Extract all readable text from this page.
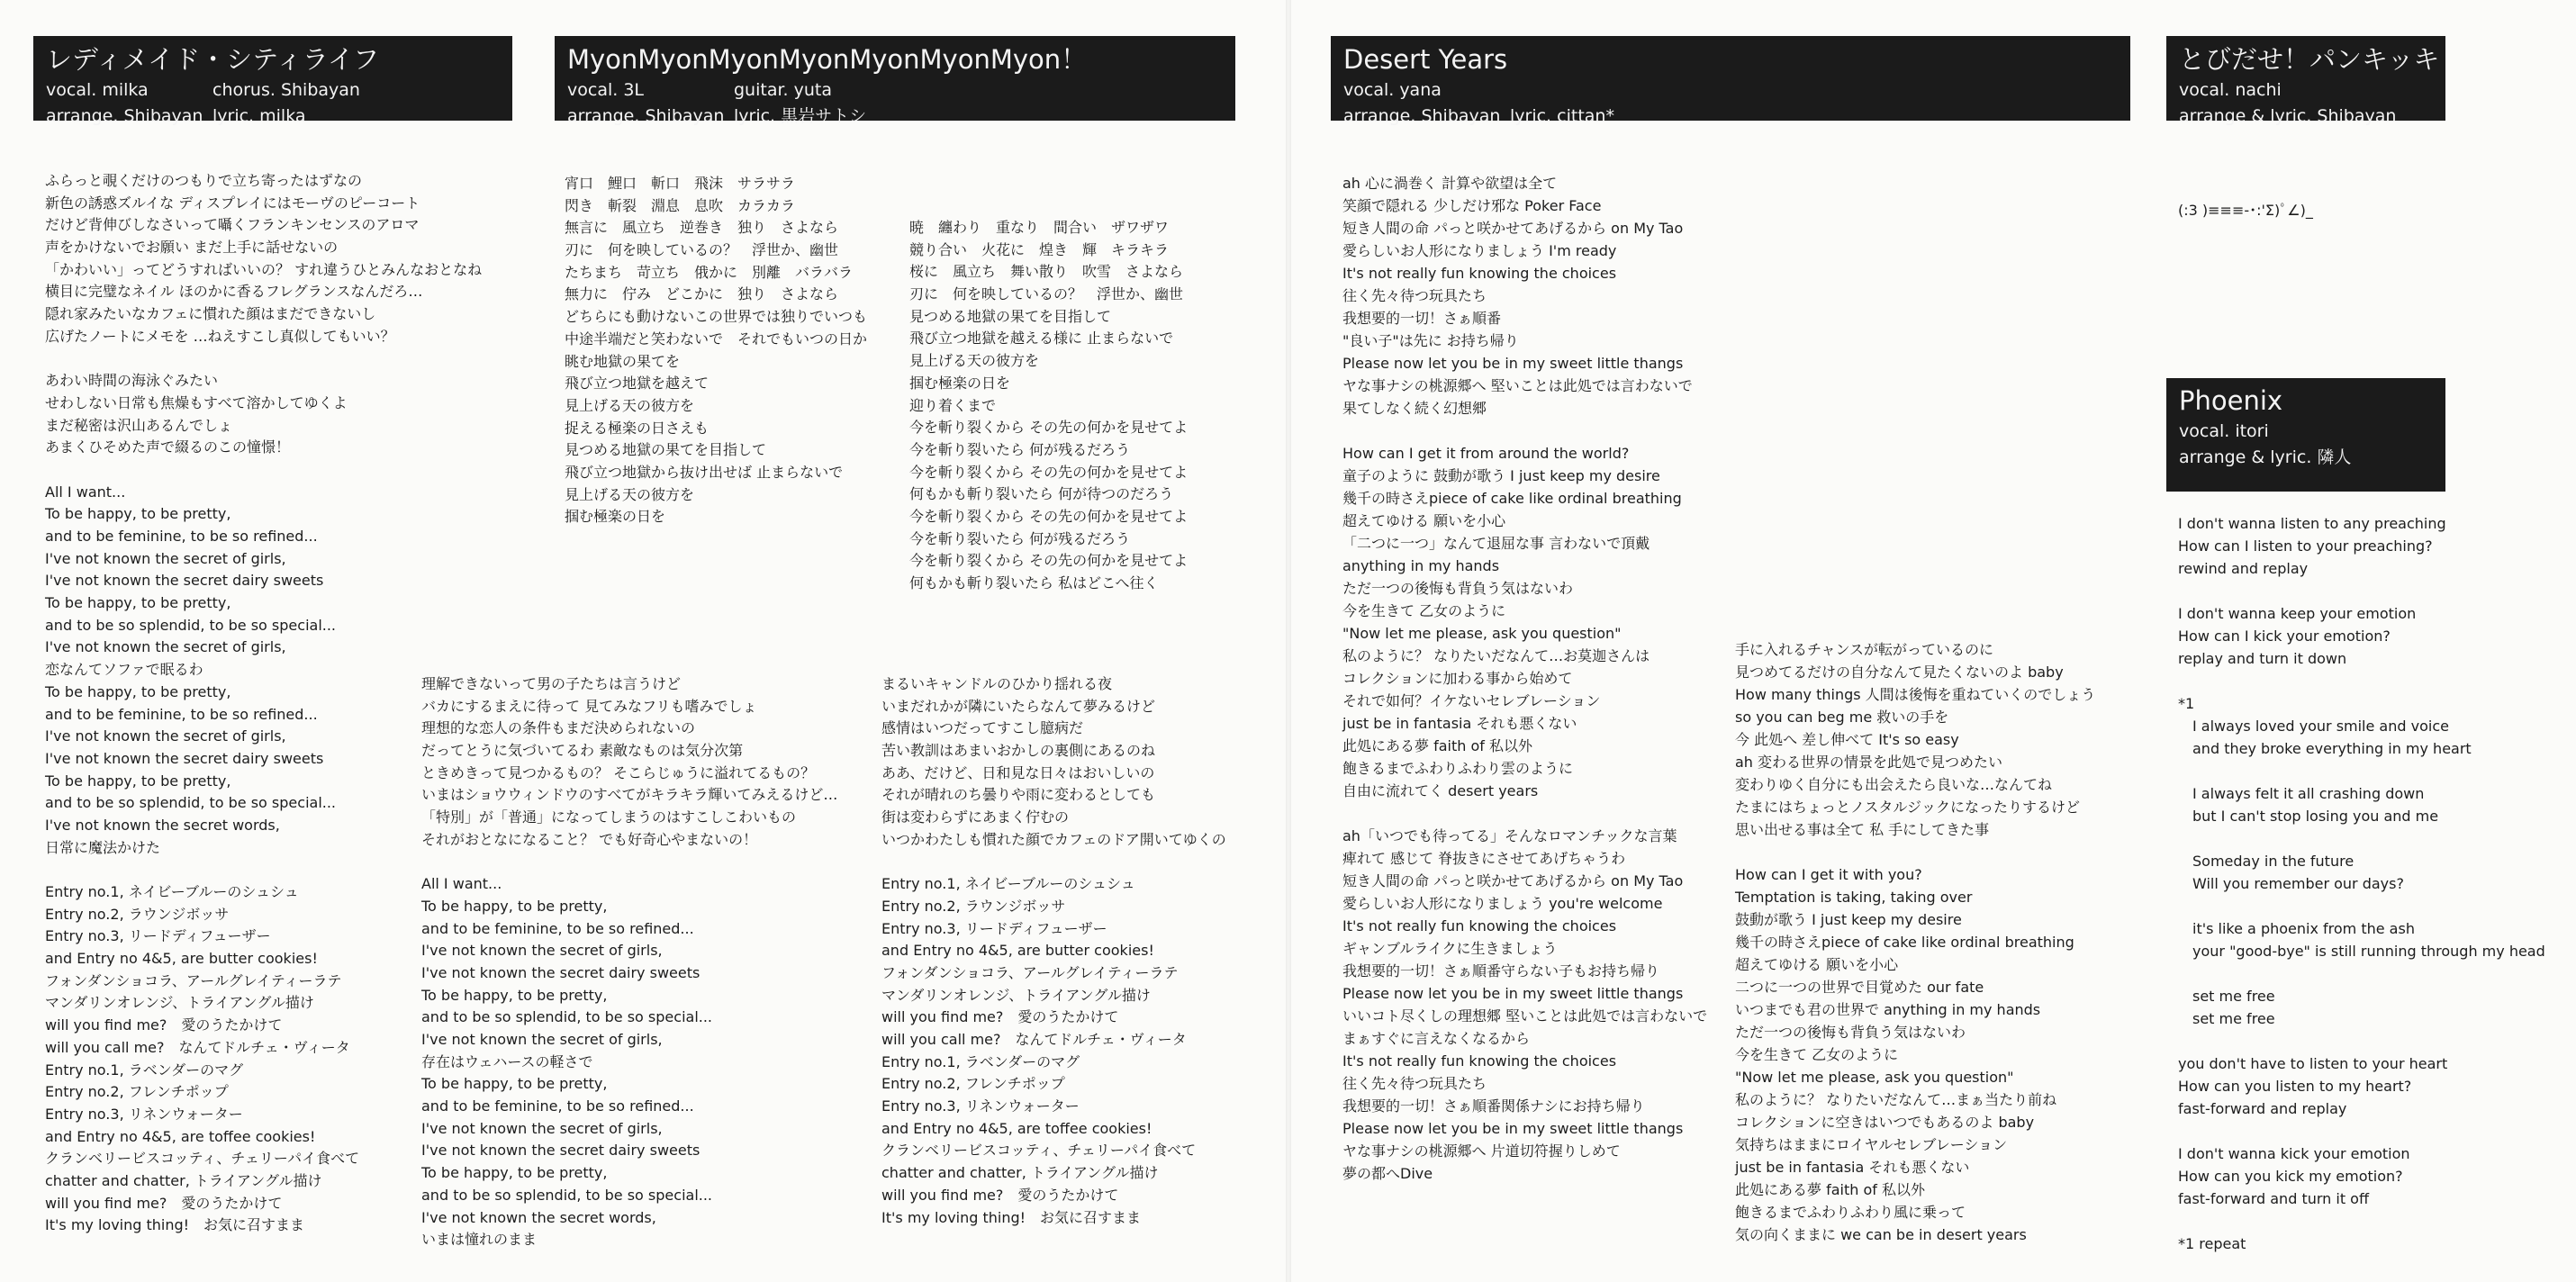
レディメイド・シティライフ
vocal. milka	chorus. Shibayan
arrange. Shibayan lyric. milka
MyonMyonMyonMyonMyonMyonMyon！
vocal. 3L	guitar. yuta
arrange. Shibayan lyric. 黒岩サトシ
Desert Years
vocal. yana
arrange. Shibayan lyric. cittan*
とびだせ！パンキッキ
vocal. nachi
arrange & lyric. Shibayan
Phoenix
vocal. itori
arrange & lyric. 隣人
ふらっと覗くだけのつもりで立ち寄ったはずなの
新色の誘惑ズルイな ディスプレイにはモーヴのピーコート
だけど背伸びしなさいって囁くフランキンセンスのアロマ
声をかけないでお願い まだ上手に話せないの
「かわいい」ってどうすればいいの？ すれ違うひとみんなおとなね
横目に完璧なネイル ほのかに香るフレグランスなんだろ…
隠れ家みたいなカフェに慣れた顔はまだできないし
広げたノートにメモを …ねえすこし真似してもいい？
あわい時間の海泳ぐみたい
せわしない日常も焦燥もすべて溶かしてゆくよ
まだ秘密は沢山あるんでしょ
あまくひそめた声で綴るのこの憧憬！
All I want...
To be happy, to be pretty,
and to be feminine, to be so refined...
I've not known the secret of girls,
I've not known the secret dairy sweets
To be happy, to be pretty,
and to be so splendid, to be so special...
I've not known the secret of girls,
恋なんてソファで眠るわ
To be happy, to be pretty,
and to be feminine, to be so refined...
I've not known the secret of girls,
I've not known the secret dairy sweets
To be happy, to be pretty,
and to be so splendid, to be so special...
I've not known the secret words,
日常に魔法かけた
Entry no.1, ネイビーブルーのシュシュ
Entry no.2, ラウンジボッサ
Entry no.3, リードディフューザー
and Entry no 4&5, are butter cookies!
フォンダンショコラ、アールグレイティーラテ
マンダリンオレンジ、トライアングル描け
will you find me?　愛のうたかけて
will you call me?　なんてドルチェ・ヴィータ
Entry no.1, ラベンダーのマグ
Entry no.2, フレンチポップ
Entry no.3, リネンウォーター
and Entry no 4&5, are toffee cookies!
クランベリービスコッティ、チェリーパイ食べて
chatter and chatter, トライアングル描け
will you find me?　愛のうたかけて
It's my loving thing!　お気に召すまま
理解できないって男の子たちは言うけど
バカにするまえに待って 見てみなフリも嗜みでしょ
理想的な恋人の条件もまだ決められないの
だってとうに気づいてるわ 素敵なものは気分次第
ときめきって見つかるもの？ そこらじゅうに溢れてるもの？
いまはショウウィンドウのすべてがキラキラ輝いてみえるけど…
「特別」が「普通」になってしまうのはすこしこわいもの
それがおとなになること？ でも好奇心やまないの！
All I want...
To be happy, to be pretty,
and to be feminine, to be so refined...
I've not known the secret of girls,
I've not known the secret dairy sweets
To be happy, to be pretty,
and to be so splendid, to be so special...
I've not known the secret of girls,
存在はウェハースの軽さで
To be happy, to be pretty,
and to be feminine, to be so refined...
I've not known the secret of girls,
I've not known the secret dairy sweets
To be happy, to be pretty,
and to be so splendid, to be so special...
I've not known the secret words,
いまは憧れのまま
まるいキャンドルのひかり揺れる夜
いまだれかが隣にいたらなんて夢みるけど
感情はいつだってすこし臆病だ
苦い教訓はあまいおかしの裏側にあるのね
ああ、だけど、日和見な日々はおいしいの
それが晴れのち曇りや雨に変わるとしても
街は変わらずにあまく佇むの
いつかわたしも慣れた顔でカフェのドア開いてゆくの
Entry no.1, ネイビーブルーのシュシュ
Entry no.2, ラウンジボッサ
Entry no.3, リードディフューザー
and Entry no 4&5, are butter cookies!
フォンダンショコラ、アールグレイティーラテ
マンダリンオレンジ、トライアングル描け
will you find me?　愛のうたかけて
will you call me?　なんてドルチェ・ヴィータ
Entry no.1, ラベンダーのマグ
Entry no.2, フレンチポップ
Entry no.3, リネンウォーター
and Entry no 4&5, are toffee cookies!
クランベリービスコッティ、チェリーパイ食べて
chatter and chatter, トライアングル描け
will you find me?　愛のうたかけて
It's my loving thing!　お気に召すまま
宵口　鯉口　斬口　飛沫　サラサラ
閃き　斬裂　淵息　息吹　カラカラ
無言に　風立ち　逆巻き　独り　さよなら
刃に　何を映しているの？　浮世か、幽世
たちまち　苛立ち　俄かに　別離　バラバラ
無力に　佇み　どこかに　独り　さよなら
どちらにも動けないこの世界では独りでいつも
中途半端だと笑わないで　それでもいつの日か
眺む地獄の果てを
飛び立つ地獄を越えて
見上げる天の彼方を
捉える極楽の日さえも
見つめる地獄の果てを目指して
飛び立つ地獄から抜け出せば 止まらないで
見上げる天の彼方を
掴む極楽の日を
暁　纏わり　重なり　間合い　ザワザワ
競り合い　火花に　煌き　輝　キラキラ
桜に　風立ち　舞い散り　吹雪　さよなら
刃に　何を映しているの？　浮世か、幽世
見つめる地獄の果てを目指して
飛び立つ地獄を越える様に 止まらないで
見上げる天の彼方を
掴む極楽の日を
迎り着くまで
今を斬り裂くから その先の何かを見せてよ
今を斬り裂いたら 何が残るだろう
今を斬り裂くから その先の何かを見せてよ
何もかも斬り裂いたら 何が待つのだろう
今を斬り裂くから その先の何かを見せてよ
今を斬り裂いたら 何が残るだろう
今を斬り裂くから その先の何かを見せてよ
何もかも斬り裂いたら 私はどこへ往く
ah 心に渦巻く 計算や欲望は全て
笑顔で隠れる 少しだけ邪な Poker Face
短き人間の命 パっと咲かせてあげるから on My Tao
愛らしいお人形になりましょう I'm ready
It's not really fun knowing the choices
往く先々待つ玩具たち
我想要的一切！さぁ順番
"良い子"は先に お持ち帰り
Please now let you be in my sweet little thangs
ヤな事ナシの桃源郷へ 堅いことは此処では言わないで
果てしなく続く幻想郷
How can I get it from around the world?
童子のように 鼓動が歌う I just keep my desire
幾千の時さえpiece of cake like ordinal breathing
超えてゆける 願いを小心
「二つに一つ」なんて退屈な事 言わないで頂戴
anything in my hands
ただ一つの後悔も背負う気はないわ
今を生きて 乙女のように
"Now let me please, ask you question"
私のように？ なりたいだなんて…お莫迦さんは
コレクションに加わる事から始めて
それで如何？イケないセレブレーション
just be in fantasia それも悪くない
此処にある夢 faith of 私以外
飽きるまでふわりふわり雲のように
自由に流れてく desert years
ah「いつでも待ってる」そんなロマンチックな言葉
痺れて 感じて 脊抜きにさせてあげちゃうわ
短き人間の命 パっと咲かせてあげるから on My Tao
愛らしいお人形になりましょう you're welcome
It's not really fun knowing the choices
ギャンブルライクに生きましょう
我想要的一切！さぁ順番守らない子もお持ち帰り
Please now let you be in my sweet little thangs
いいコト尽くしの理想郷 堅いことは此処では言わないで
まぁすぐに言えなくなるから
It's not really fun knowing the choices
往く先々待つ玩具たち
我想要的一切！さぁ順番関係ナシにお持ち帰り
Please now let you be in my sweet little thangs
ヤな事ナシの桃源郷へ 片道切符握りしめて
夢の都へDive
手に入れるチャンスが転がっているのに
見つめてるだけの自分なんて見たくないのよ baby
How many things 人間は後悔を重ねていくのでしょう
so you can beg me 救いの手を
今 此処へ 差し伸べて It's so easy
ah 変わる世界の情景を此処で見つめたい
変わりゆく自分にも出会えたら良いな…なんてね
たまにはちょっとノスタルジックになったりするけど
思い出せる事は全て 私 手にしてきた事
How can I get it with you?
Temptation is taking, taking over
鼓動が歌う I just keep my desire
幾千の時さえpiece of cake like ordinal breathing
超えてゆける 願いを小心
二つに一つの世界で目覚めた our fate
いつまでも君の世界で anything in my hands
ただ一つの後悔も背負う気はないわ
今を生きて 乙女のように
"Now let me please, ask you question"
私のように？ なりたいだなんて…まぁ当たり前ね
コレクションに空きはいつでもあるのよ baby
気持ちはままにロイヤルセレブレーション
just be in fantasia それも悪くない
此処にある夢 faith of 私以外
飽きるまでふわりふわり風に乗って
気の向くままに we can be in desert years
(:3 )≡≡≡-･:'Σ)ﾟ∠)_
I don't wanna listen to any preaching
How can I listen to your preaching?
rewind and replay
I don't wanna keep your emotion
How can I kick your emotion?
replay and turn it down
*1
　I always loved your smile and voice
　and they broke everything in my heart
　I always felt it all crashing down
　but I can't stop losing you and me
　Someday in the future
　Will you remember our days?
　it's like a phoenix from the ash
　your "good-bye" is still running through my head
　set me free
　set me free
you don't have to listen to your heart
How can you listen to my heart?
fast-forward and replay
I don't wanna kick your emotion
How can you kick my emotion?
fast-forward and turn it off
*1 repeat
